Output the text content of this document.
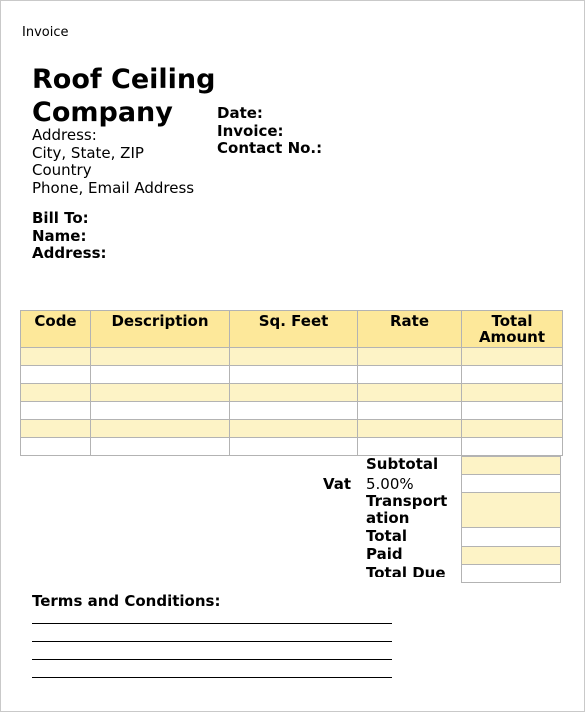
Invoice
Roof Ceiling
Company
Address:
City, State, ZIP
Country
Phone, Email Address
Date:
Invoice:
Contact No.:
Bill To:
Name:
Address:
Code	Description	Sq. Feet	Rate	Total
Amount

Subtotal
Vat 5.00%
Transport
ation
Total
Paid
Total Due
Terms and Conditions:
